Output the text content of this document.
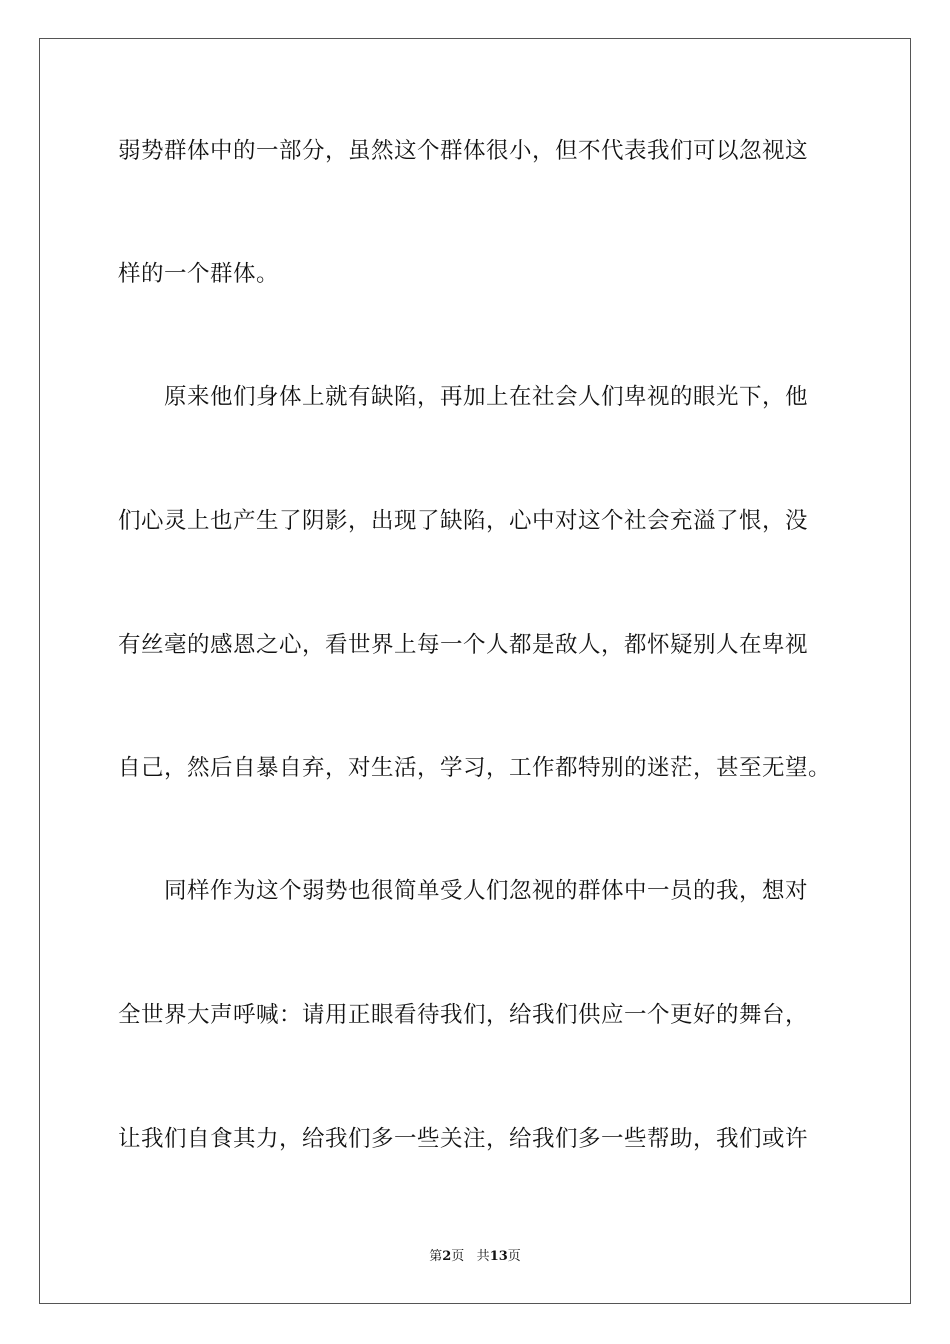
弱势群体中的一部分，虽然这个群体很小，但不代表我们可以忽视这
样的一个群体。
原来他们身体上就有缺陷，再加上在社会人们卑视的眼光下，他
们心灵上也产生了阴影，出现了缺陷，心中对这个社会充溢了恨，没
有丝毫的感恩之心，看世界上每一个人都是敌人，都怀疑别人在卑视
自己，然后自暴自弃，对生活，学习，工作都特别的迷茫，甚至无望。
同样作为这个弱势也很简单受人们忽视的群体中一员的我，想对
全世界大声呼喊：请用正眼看待我们，给我们供应一个更好的舞台，
让我们自食其力，给我们多一些关注，给我们多一些帮助，我们或许
第2页 共13页
